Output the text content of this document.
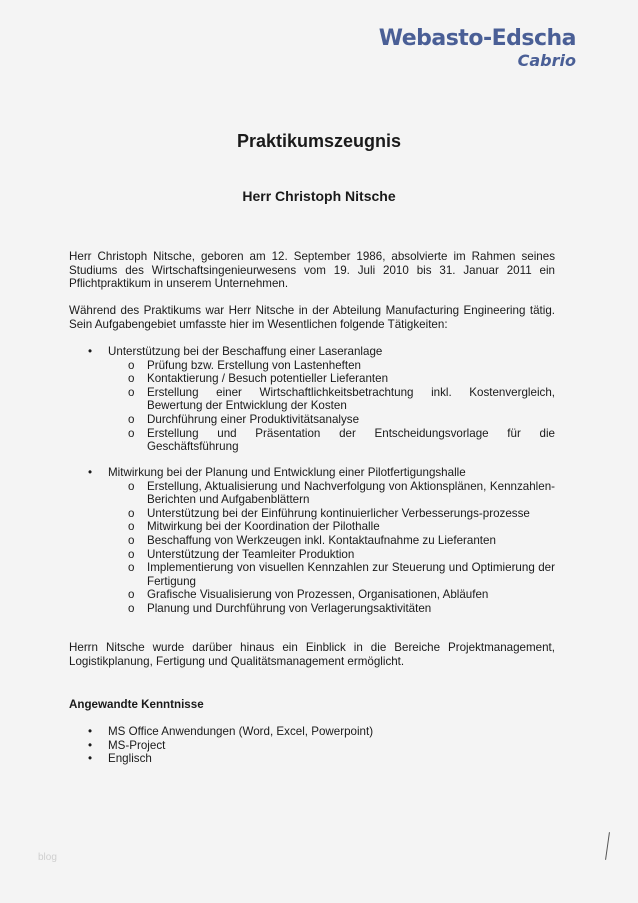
Webasto-Edscha
Cabrio
Praktikumszeugnis
Herr Christoph Nitsche
Herr Christoph Nitsche, geboren am 12. September 1986, absolvierte im Rahmen seines Studiums des Wirtschaftsingenieurwesens vom 19. Juli 2010 bis 31. Januar 2011 ein Pflichtpraktikum in unserem Unternehmen.
Während des Praktikums war Herr Nitsche in der Abteilung Manufacturing Engineering tätig. Sein Aufgabengebiet umfasste hier im Wesentlichen folgende Tätigkeiten:
• Unterstützung bei der Beschaffung einer Laseranlage
o Prüfung bzw. Erstellung von Lastenheften
o Kontaktierung / Besuch potentieller Lieferanten
o Erstellung einer Wirtschaftlichkeitsbetrachtung inkl. Kostenvergleich, Bewertung der Entwicklung der Kosten
o Durchführung einer Produktivitätsanalyse
o Erstellung und Präsentation der Entscheidungsvorlage für die Geschäftsführung
• Mitwirkung bei der Planung und Entwicklung einer Pilotfertigungshalle
o Erstellung, Aktualisierung und Nachverfolgung von Aktionsplänen, Kennzahlen-Berichten und Aufgabenblättern
o Unterstützung bei der Einführung kontinuierlicher Verbesserungs-prozesse
o Mitwirkung bei der Koordination der Pilothalle
o Beschaffung von Werkzeugen inkl. Kontaktaufnahme zu Lieferanten
o Unterstützung der Teamleiter Produktion
o Implementierung von visuellen Kennzahlen zur Steuerung und Optimierung der Fertigung
o Grafische Visualisierung von Prozessen, Organisationen, Abläufen
o Planung und Durchführung von Verlagerungsaktivitäten
Herrn Nitsche wurde darüber hinaus ein Einblick in die Bereiche Projektmanagement, Logistikplanung, Fertigung und Qualitätsmanagement ermöglicht.
Angewandte Kenntnisse
• MS Office Anwendungen (Word, Excel, Powerpoint)
• MS-Project
• Englisch
blog
